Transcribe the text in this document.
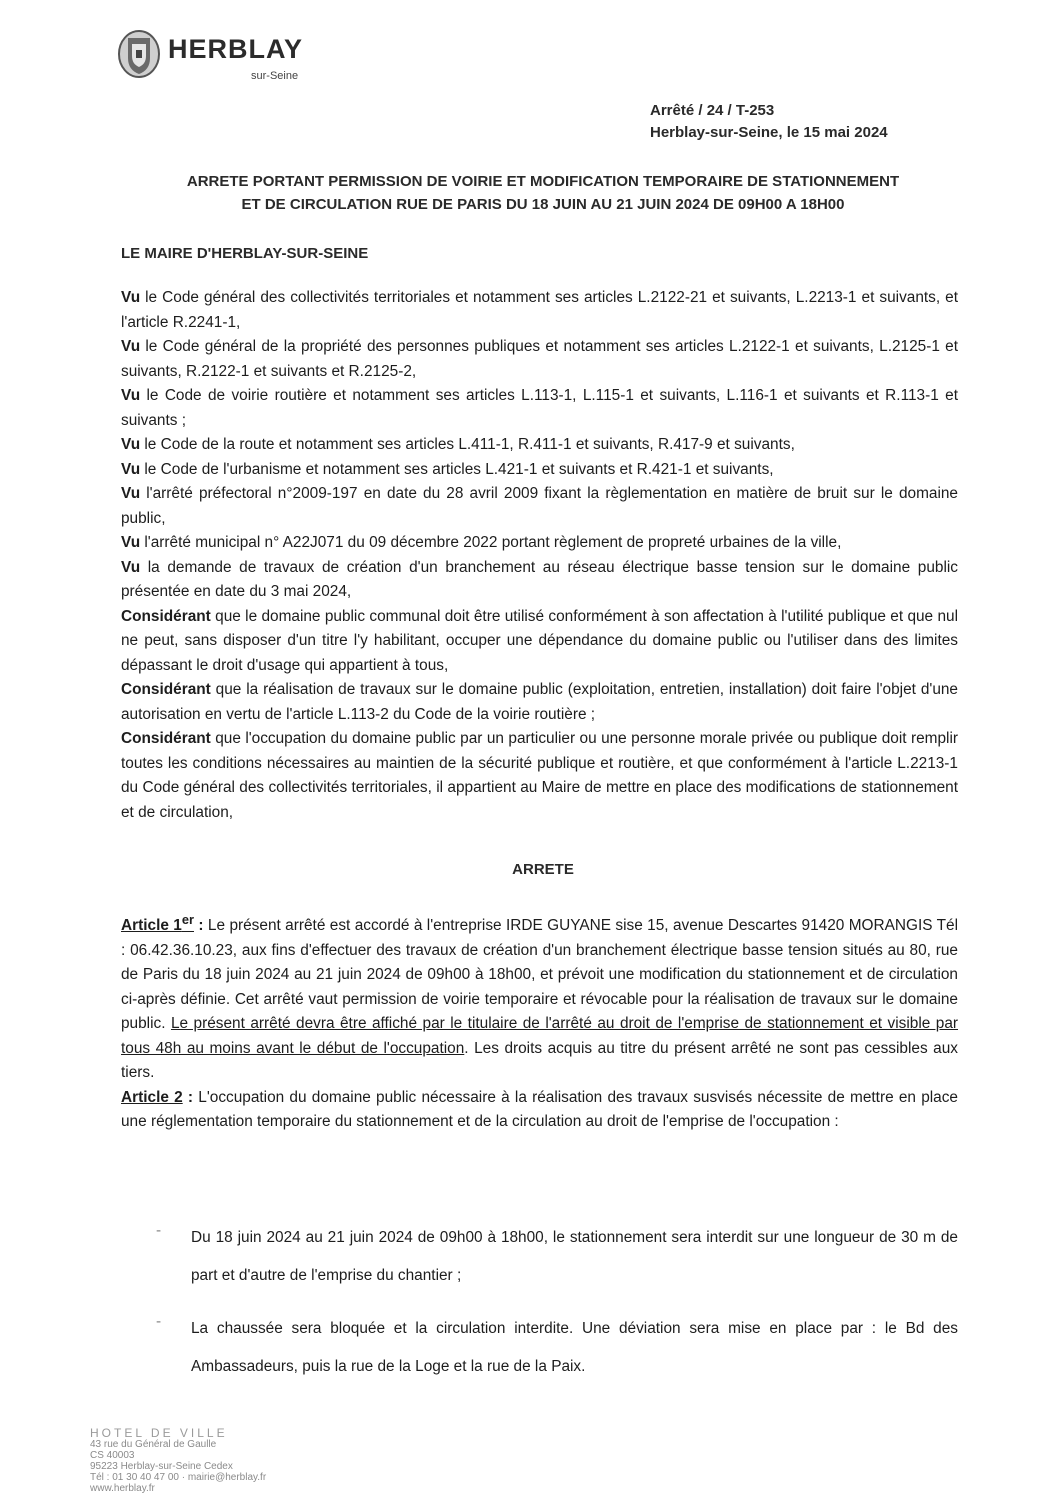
HERBLAY
sur-Seine
Arrêté / 24 / T-253
Herblay-sur-Seine, le 15 mai 2024
ARRETE PORTANT PERMISSION DE VOIRIE ET MODIFICATION TEMPORAIRE DE STATIONNEMENT
ET DE CIRCULATION RUE DE PARIS DU 18 JUIN AU 21 JUIN 2024 DE 09H00 A 18H00
LE MAIRE D'HERBLAY-SUR-SEINE

Vu le Code général des collectivités territoriales et notamment ses articles L.2122-21 et suivants, L.2213-1 et suivants, et l'article R.2241-1,

Vu le Code général de la propriété des personnes publiques et notamment ses articles L.2122-1 et suivants, L.2125-1 et suivants, R.2122-1 et suivants et R.2125-2,

Vu le Code de voirie routière et notamment ses articles L.113-1, L.115-1 et suivants, L.116-1 et suivants et R.113-1 et suivants ;

Vu le Code de la route et notamment ses articles L.411-1, R.411-1 et suivants, R.417-9 et suivants,

Vu le Code de l'urbanisme et notamment ses articles L.421-1 et suivants et R.421-1 et suivants,

Vu l'arrêté préfectoral n°2009-197 en date du 28 avril 2009 fixant la règlementation en matière de bruit sur le domaine public,

Vu l'arrêté municipal n° A22J071 du 09 décembre 2022 portant règlement de propreté urbaines de la ville,

Vu la demande de travaux de création d'un branchement au réseau électrique basse tension sur le domaine public présentée en date du 3 mai 2024,

Considérant que le domaine public communal doit être utilisé conformément à son affectation à l'utilité publique et que nul ne peut, sans disposer d'un titre l'y habilitant, occuper une dépendance du domaine public ou l'utiliser dans des limites dépassant le droit d'usage qui appartient à tous,

Considérant que la réalisation de travaux sur le domaine public (exploitation, entretien, installation) doit faire l'objet d'une autorisation en vertu de l'article L.113-2 du Code de la voirie routière ;

Considérant que l'occupation du domaine public par un particulier ou une personne morale privée ou publique doit remplir toutes les conditions nécessaires au maintien de la sécurité publique et routière, et que conformément à l'article L.2213-1 du Code général des collectivités territoriales, il appartient au Maire de mettre en place des modifications de stationnement et de circulation,

ARRETE

Article 1er : Le présent arrêté est accordé à l'entreprise IRDE GUYANE sise 15, avenue Descartes 91420 MORANGIS Tél : 06.42.36.10.23, aux fins d'effectuer des travaux de création d'un branchement électrique basse tension situés au 80, rue de Paris du 18 juin 2024 au 21 juin 2024 de 09h00 à 18h00, et prévoit une modification du stationnement et de circulation ci-après définie. Cet arrêté vaut permission de voirie temporaire et révocable pour la réalisation de travaux sur le domaine public. Le présent arrêté devra être affiché par le titulaire de l'arrêté au droit de l'emprise de stationnement et visible par tous 48h au moins avant le début de l'occupation. Les droits acquis au titre du présent arrêté ne sont pas cessibles aux tiers.

Article 2 : L'occupation du domaine public nécessaire à la réalisation des travaux susvisés nécessite de mettre en place une réglementation temporaire du stationnement et de la circulation au droit de l'emprise de l'occupation :

- Du 18 juin 2024 au 21 juin 2024 de 09h00 à 18h00, le stationnement sera interdit sur une longueur de 30 m de part et d'autre de l'emprise du chantier ;

- La chaussée sera bloquée et la circulation interdite. Une déviation sera mise en place par : le Bd des Ambassadeurs, puis la rue de la Loge et la rue de la Paix.

HOTEL DE VILLE
43 rue du Général de Gaulle
CS 40003
95223 Herblay-sur-Seine Cedex
Tél : 01 30 40 47 00 · mairie@herblay.fr
www.herblay.fr
